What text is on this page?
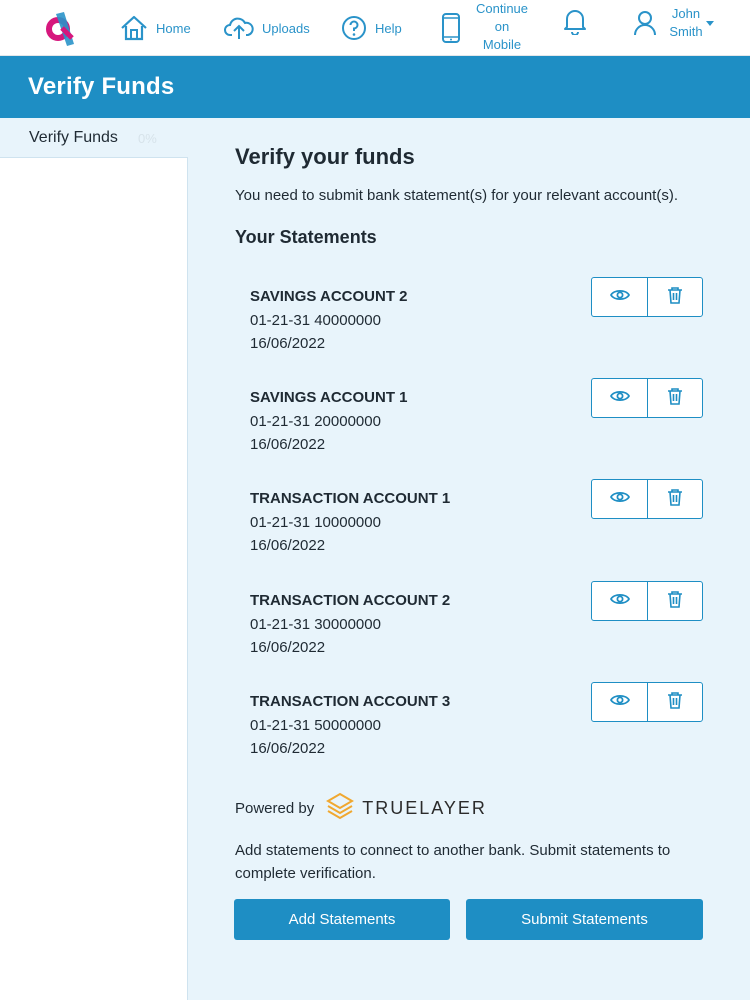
Home	Uploads	Help
Continue
on
Mobile
John
Smith
Verify Funds
Verify Funds 0%
Verify your funds

You need to submit bank statement(s) for your relevant account(s).

Your Statements
SAVINGS ACCOUNT 2
01-21-31 40000000
16/06/2022
SAVINGS ACCOUNT 1
01-21-31 20000000
16/06/2022
TRANSACTION ACCOUNT 1
01-21-31 10000000
16/06/2022
TRANSACTION ACCOUNT 2
01-21-31 30000000
16/06/2022
TRANSACTION ACCOUNT 3
01-21-31 50000000
16/06/2022
Powered by	TRUELAYER

Add statements to connect to another bank. Submit statements to complete verification.

Add Statements	Submit Statements
